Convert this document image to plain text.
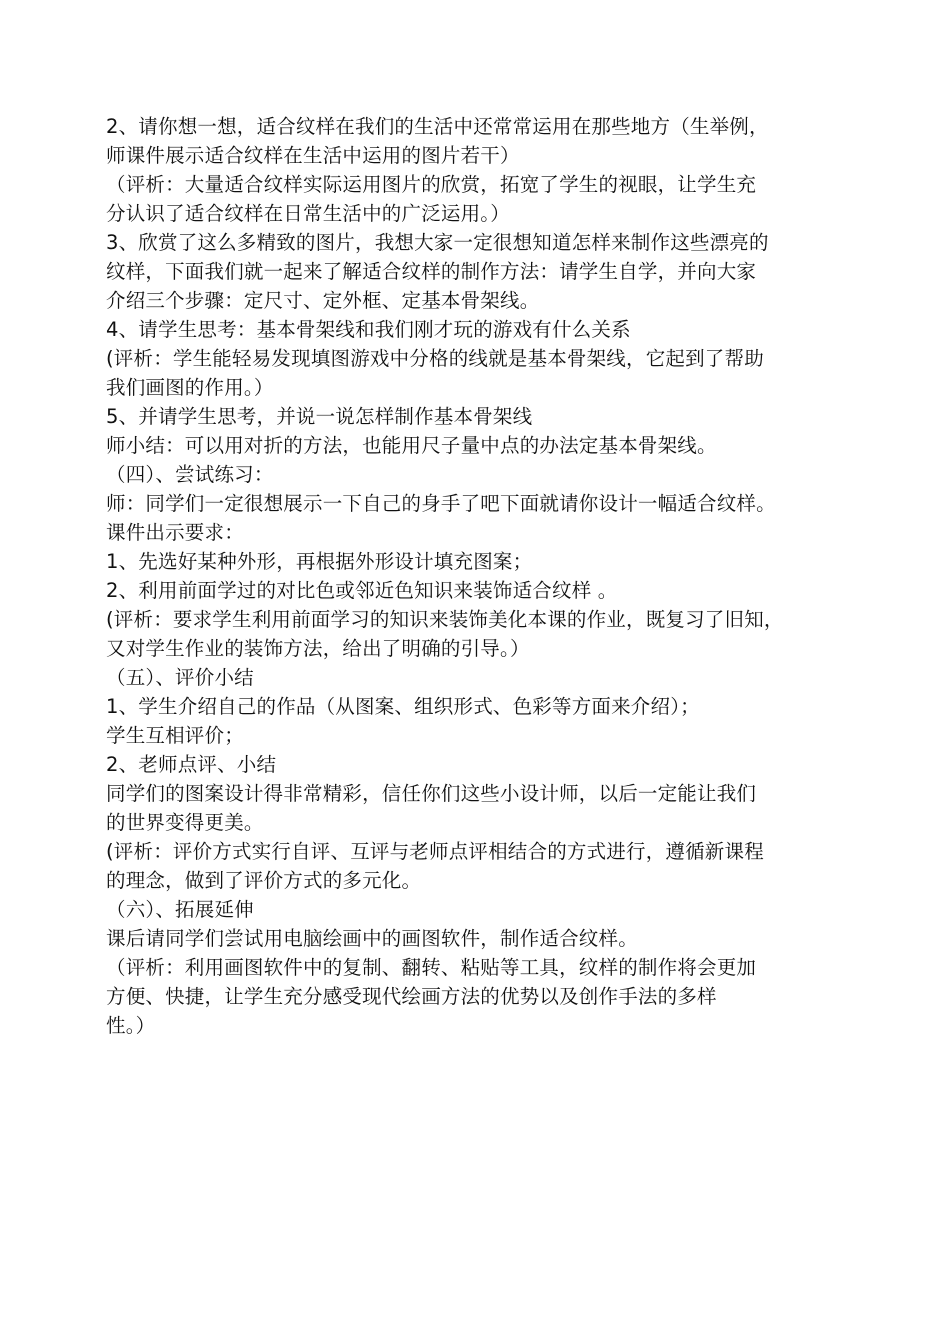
2、请你想一想，适合纹样在我们的生活中还常常运用在那些地方（生举例，
师课件展示适合纹样在生活中运用的图片若干）
（评析：大量适合纹样实际运用图片的欣赏，拓宽了学生的视眼，让学生充
分认识了适合纹样在日常生活中的广泛运用。）
3、欣赏了这么多精致的图片，我想大家一定很想知道怎样来制作这些漂亮的
纹样，下面我们就一起来了解适合纹样的制作方法：请学生自学，并向大家
介绍三个步骤：定尺寸、定外框、定基本骨架线。
4、请学生思考：基本骨架线和我们刚才玩的游戏有什么关系
(评析：学生能轻易发现填图游戏中分格的线就是基本骨架线，它起到了帮助
我们画图的作用。）
5、并请学生思考，并说一说怎样制作基本骨架线
师小结：可以用对折的方法，也能用尺子量中点的办法定基本骨架线。
（四）、尝试练习：
师：同学们一定很想展示一下自己的身手了吧下面就请你设计一幅适合纹样。
课件出示要求：
1、先选好某种外形，再根据外形设计填充图案；
2、利用前面学过的对比色或邻近色知识来装饰适合纹样 。
(评析：要求学生利用前面学习的知识来装饰美化本课的作业，既复习了旧知，
又对学生作业的装饰方法，给出了明确的引导。）
（五）、评价小结
1、学生介绍自己的作品（从图案、组织形式、色彩等方面来介绍）；
学生互相评价；
2、老师点评、小结
同学们的图案设计得非常精彩，信任你们这些小设计师，以后一定能让我们
的世界变得更美。
(评析：评价方式实行自评、互评与老师点评相结合的方式进行，遵循新课程
的理念，做到了评价方式的多元化。
（六）、拓展延伸
课后请同学们尝试用电脑绘画中的画图软件，制作适合纹样。
（评析：利用画图软件中的复制、翻转、粘贴等工具，纹样的制作将会更加
方便、快捷，让学生充分感受现代绘画方法的优势以及创作手法的多样
性。）
